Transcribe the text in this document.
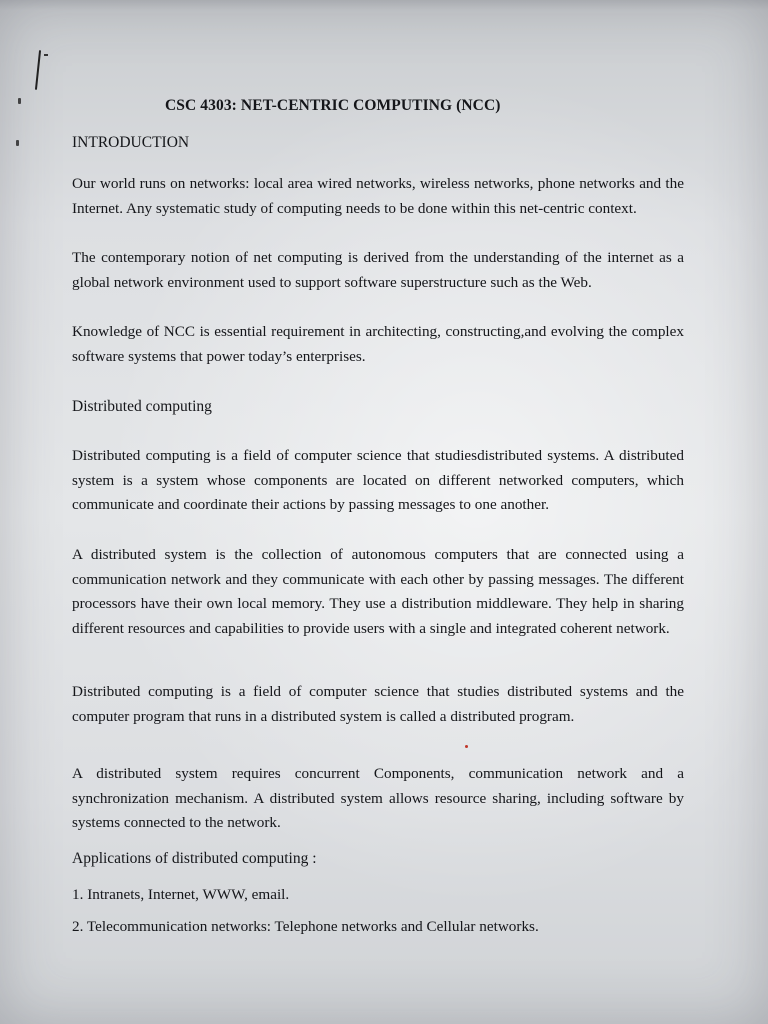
CSC 4303: NET-CENTRIC COMPUTING (NCC)
INTRODUCTION
Our world runs on networks: local area wired networks, wireless networks, phone networks and the Internet. Any systematic study of computing needs to be done within this net-centric context.
The contemporary notion of net computing is derived from the understanding of the internet as a global network environment used to support software superstructure such as the Web.
Knowledge of NCC is essential requirement in architecting, constructing,and evolving the complex software systems that power today’s enterprises.
Distributed computing
Distributed computing is a field of computer science that studiesdistributed systems. A distributed system is a system whose components are located on different networked computers, which communicate and coordinate their actions by passing messages to one another.
A distributed system is the collection of autonomous computers that are connected using a communication network and they communicate with each other by passing messages. The different processors have their own local memory. They use a distribution middleware. They help in sharing different resources and capabilities to provide users with a single and integrated coherent network.
Distributed computing is a field of computer science that studies distributed systems and the computer program that runs in a distributed system is called a distributed program.
A distributed system requires concurrent Components, communication network and a synchronization mechanism. A distributed system allows resource sharing, including software by systems connected to the network.
Applications of distributed computing :
1. Intranets, Internet, WWW, email.
2. Telecommunication networks: Telephone networks and Cellular networks.
